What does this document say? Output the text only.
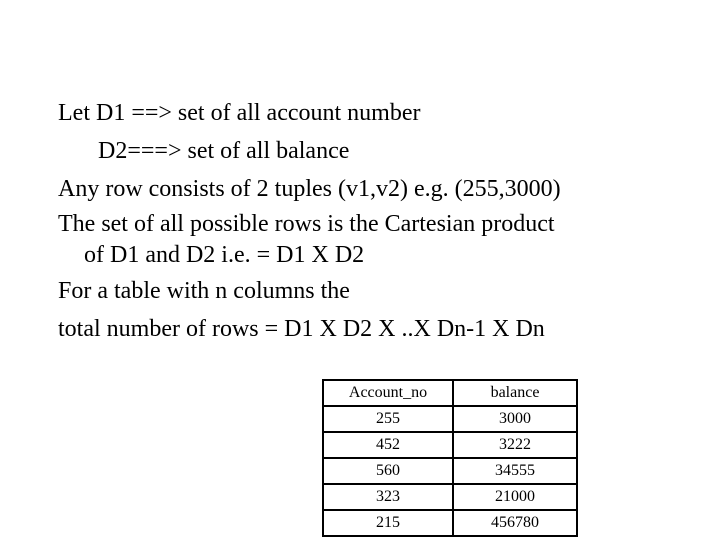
Let D1 ==> set of all account number
D2===> set of all balance
Any row consists of 2 tuples (v1,v2) e.g. (255,3000)
The set of all possible rows is the Cartesian product
of D1 and D2 i.e. = D1 X D2
For a table with n columns the
total number of rows = D1 X D2 X ..X Dn-1 X Dn
Account_no	balance
255	3000
452	3222
560	34555
323	21000
215	456780
